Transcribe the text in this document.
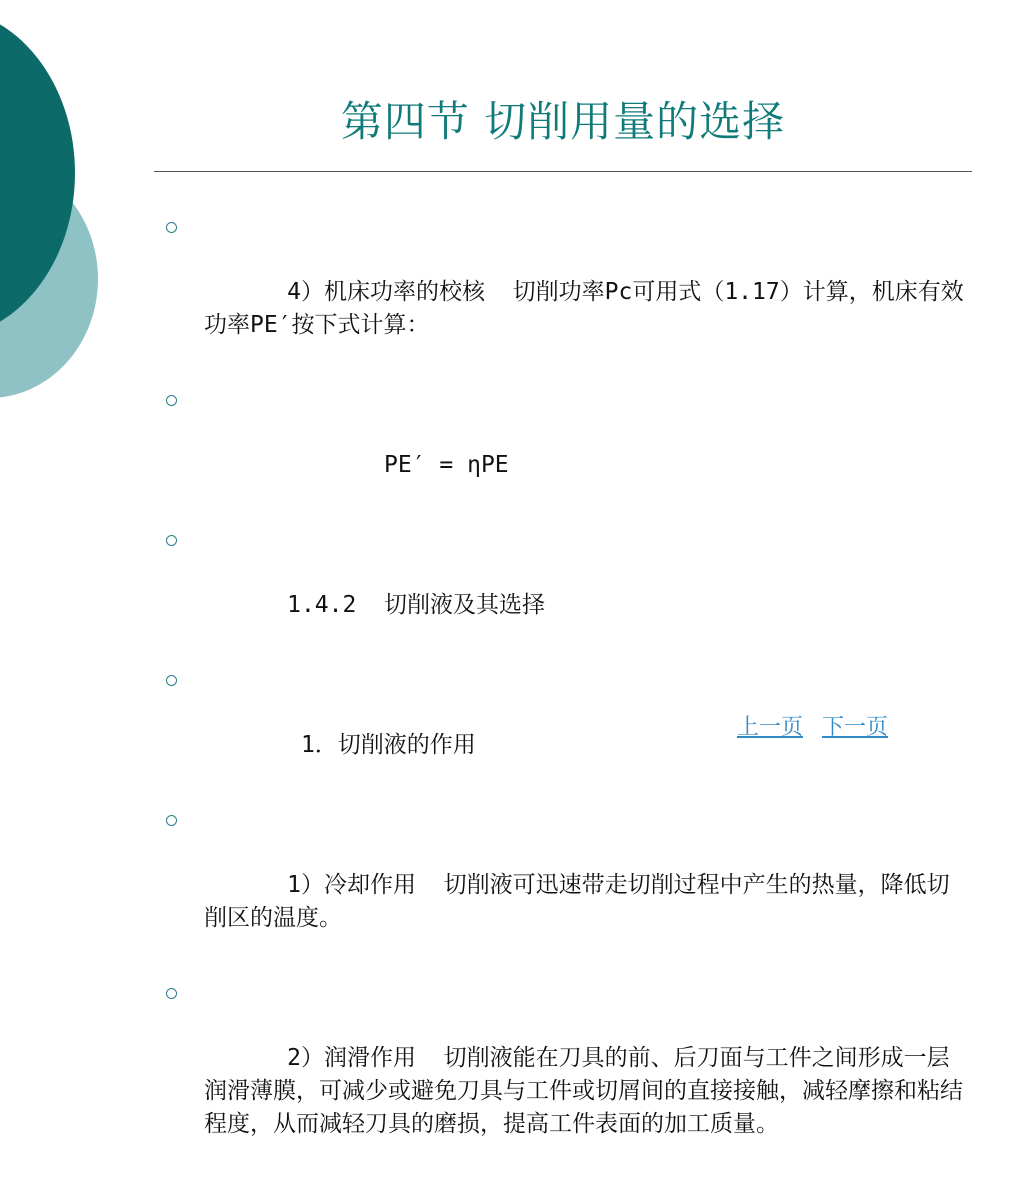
第四节 切削用量的选择

4）机床功率的校核  切削功率Pc可用式（1.17）计算，机床有效功率PE′按下式计算：

PE′ = ηPE

1.4.2  切削液及其选择

1．切削液的作用

1）冷却作用  切削液可迅速带走切削过程中产生的热量，降低切削区的温度。

2）润滑作用  切削液能在刀具的前、后刀面与工件之间形成一层润滑薄膜，可减少或避免刀具与工件或切屑间的直接接触，减轻摩擦和粘结程度，从而减轻刀具的磨损，提高工件表面的加工质量。

上一页 下一页
